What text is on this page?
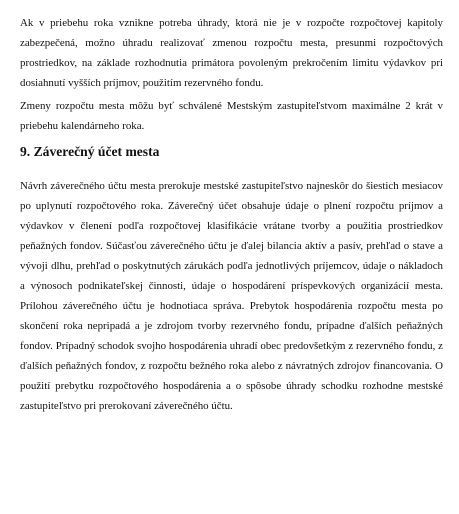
Ak v priebehu roka vznikne potreba úhrady, ktorá nie je v rozpočte rozpočtovej kapitoly zabezpečená, možno úhradu realizovať zmenou rozpočtu mesta, presunmi rozpočtových prostriedkov, na základe rozhodnutia primátora povoleným prekročením limitu výdavkov pri dosiahnutí vyšších príjmov, použitím rezervného fondu.

Zmeny rozpočtu mesta môžu byť schválené Mestským zastupiteľstvom maximálne 2 krát v priebehu kalendárneho roka.

9. Záverečný účet mesta

Návrh záverečného účtu mesta prerokuje mestské zastupiteľstvo najneskôr do šiestich mesiacov po uplynutí rozpočtového roka. Záverečný účet obsahuje údaje o plnení rozpočtu príjmov a výdavkov v členení podľa rozpočtovej klasifikácie vrátane tvorby a použitia prostriedkov peňažných fondov. Súčasťou záverečného účtu je ďalej bilancia aktív a pasív, prehľad o stave a vývoji dlhu, prehľad o poskytnutých zárukách podľa jednotlivých príjemcov, údaje o nákladoch a výnosoch podnikateľskej činnosti, údaje o hospodárení príspevkových organizácií mesta. Prílohou záverečného účtu je hodnotiaca správa. Prebytok hospodárenia rozpočtu mesta po skončení roka nepripadá a je zdrojom tvorby rezervného fondu, prípadne ďalších peňažných fondov. Prípadný schodok svojho hospodárenia uhradí obec predovšetkým z rezervného fondu, z ďalších peňažných fondov, z rozpočtu bežného roka alebo z návratných zdrojov financovania. O použití prebytku rozpočtového hospodárenia a o spôsobe úhrady schodku rozhodne mestské zastupiteľstvo pri prerokovaní záverečného účtu.
